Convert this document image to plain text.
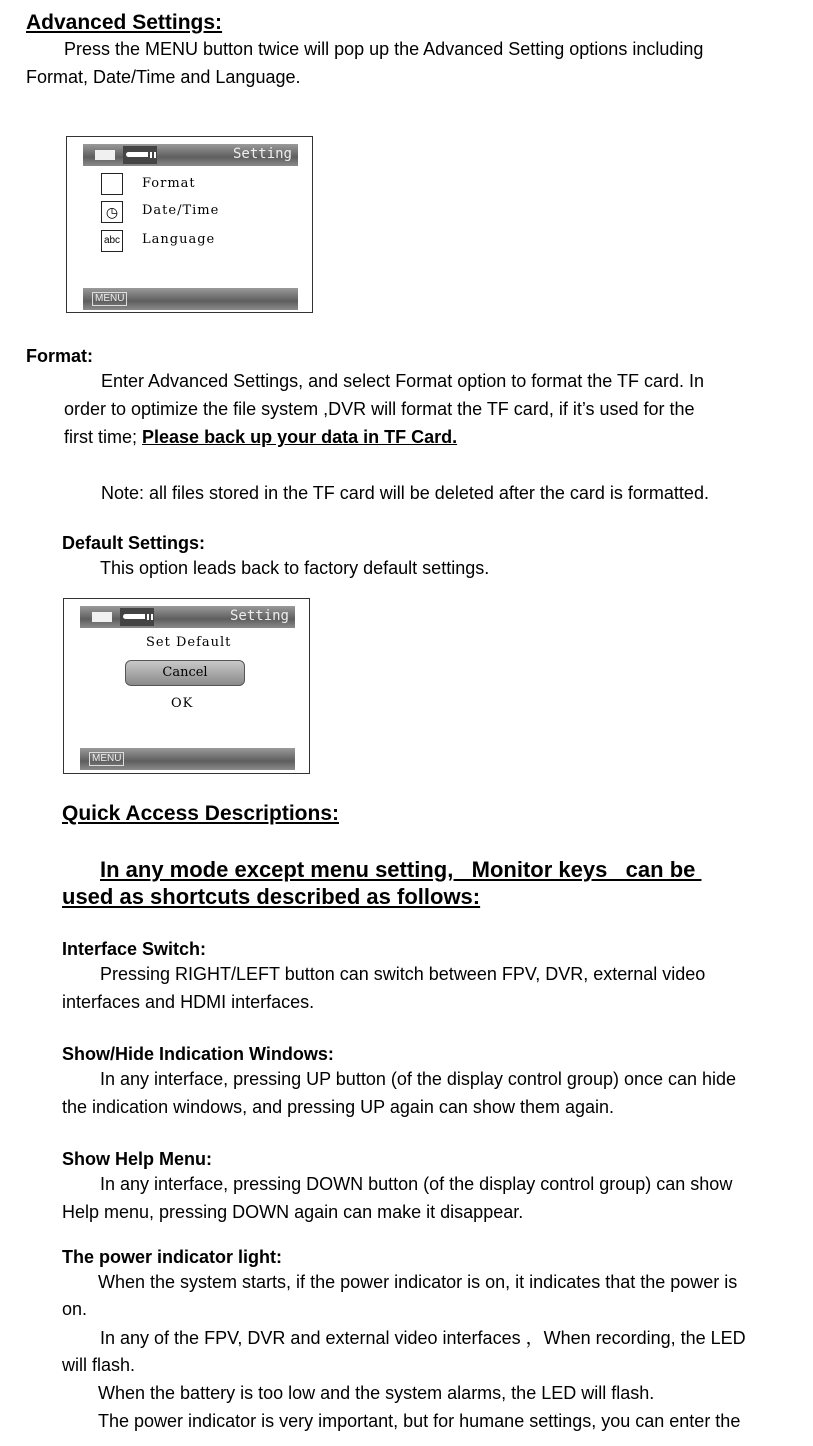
Advanced Settings:
Press the MENU button twice will pop up the Advanced Setting options including
Format, Date/Time and Language.
Setting
Format
◷	Date/Time
abc Language
MENU
Format:
Enter Advanced Settings, and select Format option to format the TF card. In
order to optimize the file system ,DVR will format the TF card, if it’s used for the
first time; Please back up your data in TF Card.
Note: all files stored in the TF card will be deleted after the card is formatted.
Default Settings:
This option leads back to factory default settings.
Setting
Set Default
Cancel
OK
MENU
Quick Access Descriptions:
In any mode except menu setting,   Monitor keys   can be
used as shortcuts described as follows:
Interface Switch:
Pressing RIGHT/LEFT button can switch between FPV, DVR, external video
interfaces and HDMI interfaces.
Show/Hide Indication Windows:
In any interface, pressing UP button (of the display control group) once can hide
the indication windows, and pressing UP again can show them again.
Show Help Menu:
In any interface, pressing DOWN button (of the display control group) can show
Help menu, pressing DOWN again can make it disappear.
The power indicator light:
When the system starts, if the power indicator is on, it indicates that the power is
on.
In any of the FPV, DVR and external video interfaces ，When recording, the LED
will flash.
When the battery is too low and the system alarms, the LED will flash.
The power indicator is very important, but for humane settings, you can enter the
